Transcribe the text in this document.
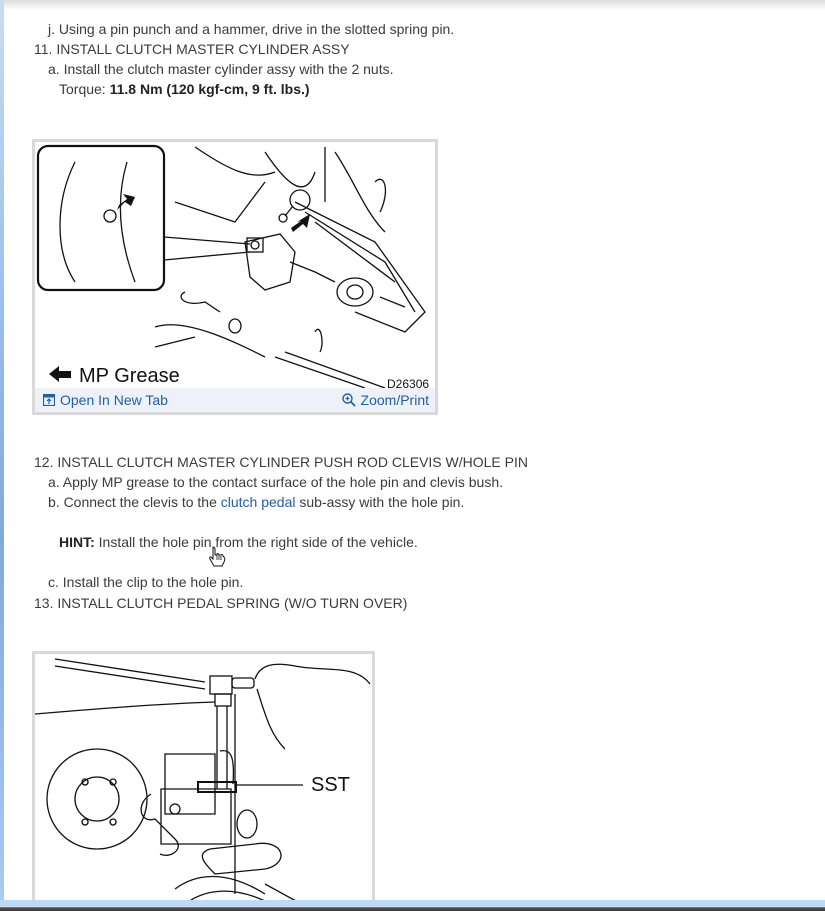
j. Using a pin punch and a hammer, drive in the slotted spring pin.
11. INSTALL CLUTCH MASTER CYLINDER ASSY
a. Install the clutch master cylinder assy with the 2 nuts.
Torque: 11.8 Nm (120 kgf-cm, 9 ft. lbs.)
MP Grease	D26306
Open In New Tab	Zoom/Print
12. INSTALL CLUTCH MASTER CYLINDER PUSH ROD CLEVIS W/HOLE PIN
a. Apply MP grease to the contact surface of the hole pin and clevis bush.
b. Connect the clevis to the clutch pedal sub-assy with the hole pin.
HINT: Install the hole pin from the right side of the vehicle.
c. Install the clip to the hole pin.
13. INSTALL CLUTCH PEDAL SPRING (W/O TURN OVER)
SST
